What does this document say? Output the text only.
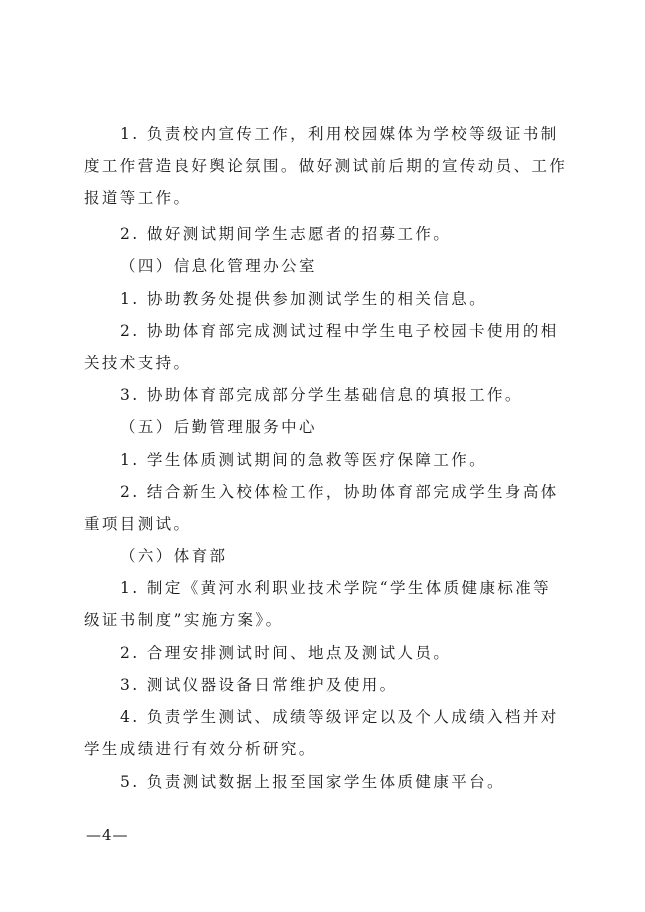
1. 负责校内宣传工作，利用校园媒体为学校等级证书制度工作营造良好舆论氛围。做好测试前后期的宣传动员、工作报道等工作。

2. 做好测试期间学生志愿者的招募工作。

（四）信息化管理办公室

1. 协助教务处提供参加测试学生的相关信息。

2. 协助体育部完成测试过程中学生电子校园卡使用的相关技术支持。

3. 协助体育部完成部分学生基础信息的填报工作。

（五）后勤管理服务中心

1. 学生体质测试期间的急救等医疗保障工作。

2. 结合新生入校体检工作，协助体育部完成学生身高体重项目测试。

（六）体育部

1. 制定《黄河水利职业技术学院“学生体质健康标准等级证书制度”实施方案》。

2. 合理安排测试时间、地点及测试人员。

3. 测试仪器设备日常维护及使用。

4. 负责学生测试、成绩等级评定以及个人成绩入档并对学生成绩进行有效分析研究。

5. 负责测试数据上报至国家学生体质健康平台。

—4—
